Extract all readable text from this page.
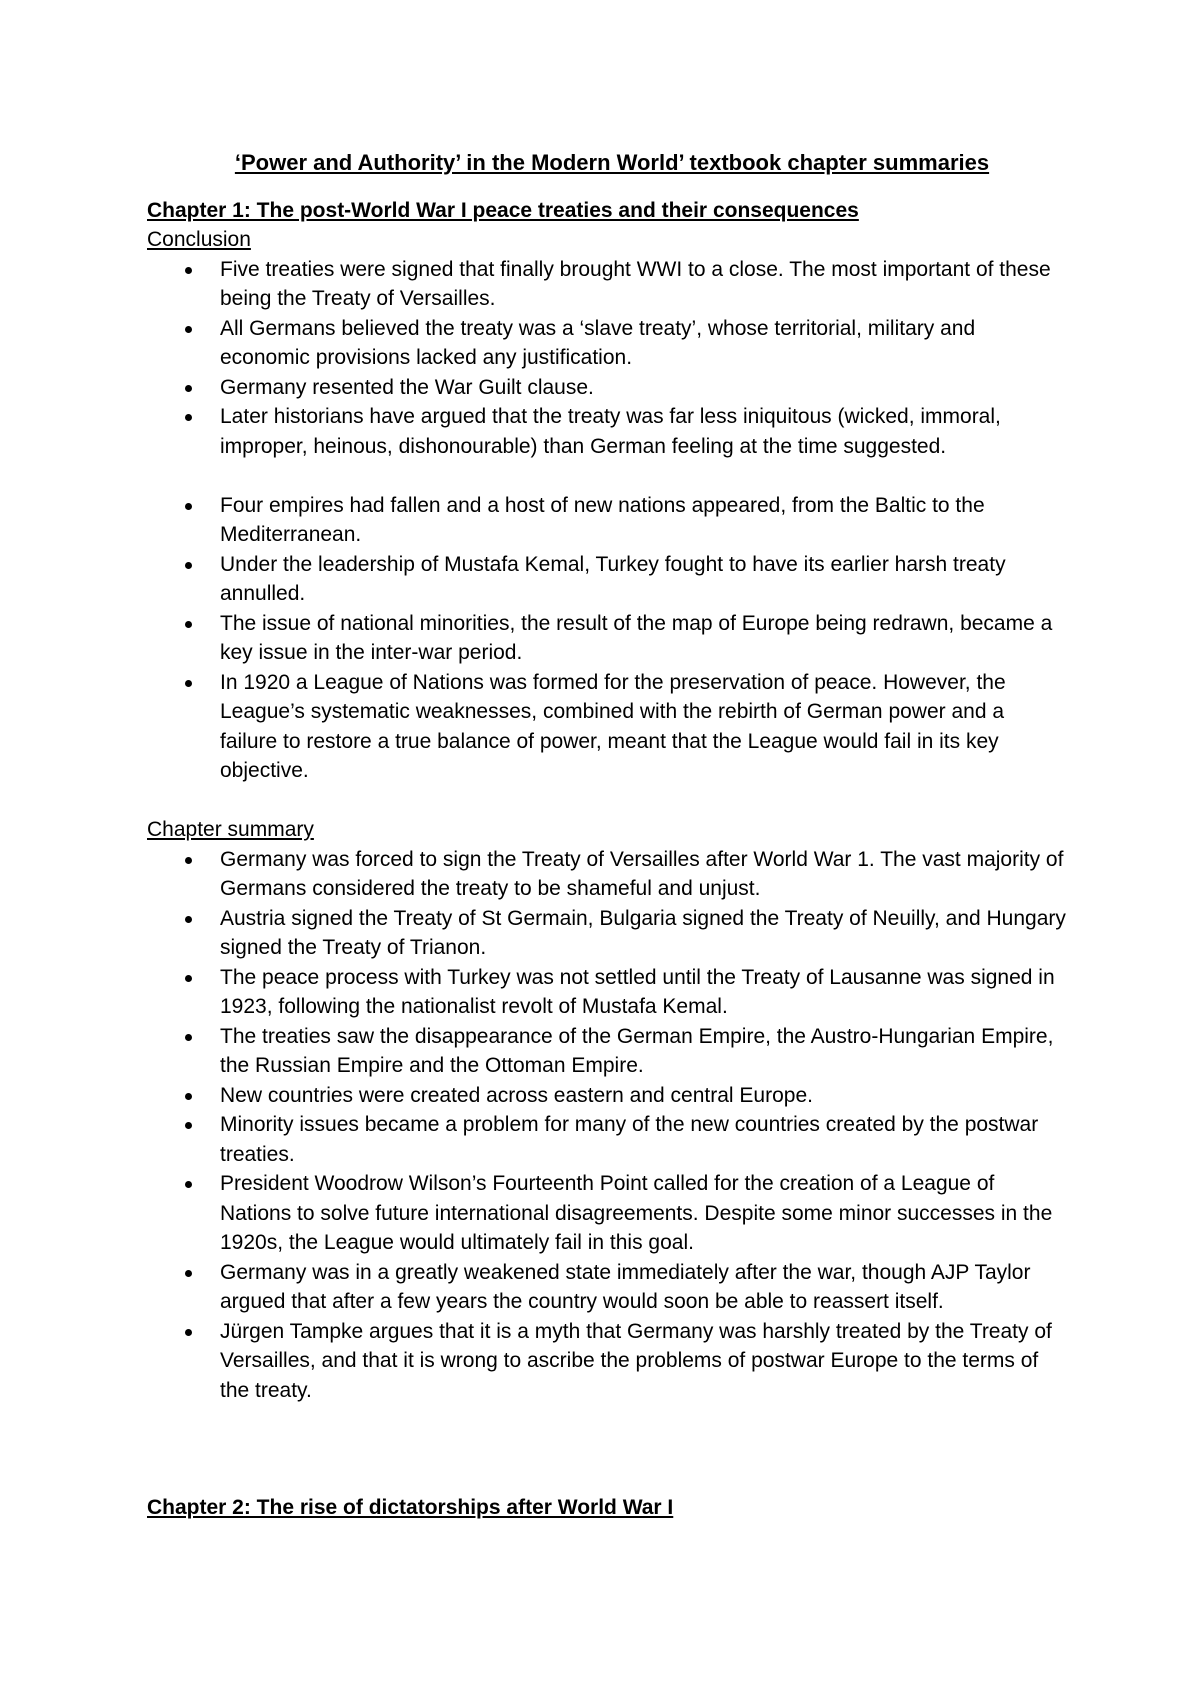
‘Power and Authority’ in the Modern World’ textbook chapter summaries
Chapter 1: The post-World War I peace treaties and their consequences
Conclusion
Five treaties were signed that finally brought WWI to a close. The most important of these being the Treaty of Versailles.
All Germans believed the treaty was a ‘slave treaty’, whose territorial, military and economic provisions lacked any justification.
Germany resented the War Guilt clause.
Later historians have argued that the treaty was far less iniquitous (wicked, immoral, improper, heinous, dishonourable) than German feeling at the time suggested.
Four empires had fallen and a host of new nations appeared, from the Baltic to the Mediterranean.
Under the leadership of Mustafa Kemal, Turkey fought to have its earlier harsh treaty annulled.
The issue of national minorities, the result of the map of Europe being redrawn, became a key issue in the inter-war period.
In 1920 a League of Nations was formed for the preservation of peace. However, the League’s systematic weaknesses, combined with the rebirth of German power and a failure to restore a true balance of power, meant that the League would fail in its key objective.
Chapter summary
Germany was forced to sign the Treaty of Versailles after World War 1. The vast majority of Germans considered the treaty to be shameful and unjust.
Austria signed the Treaty of St Germain, Bulgaria signed the Treaty of Neuilly, and Hungary signed the Treaty of Trianon.
The peace process with Turkey was not settled until the Treaty of Lausanne was signed in 1923, following the nationalist revolt of Mustafa Kemal.
The treaties saw the disappearance of the German Empire, the Austro-Hungarian Empire, the Russian Empire and the Ottoman Empire.
New countries were created across eastern and central Europe.
Minority issues became a problem for many of the new countries created by the postwar treaties.
President Woodrow Wilson’s Fourteenth Point called for the creation of a League of Nations to solve future international disagreements. Despite some minor successes in the 1920s, the League would ultimately fail in this goal.
Germany was in a greatly weakened state immediately after the war, though AJP Taylor argued that after a few years the country would soon be able to reassert itself.
Jürgen Tampke argues that it is a myth that Germany was harshly treated by the Treaty of Versailles, and that it is wrong to ascribe the problems of postwar Europe to the terms of the treaty.
Chapter 2: The rise of dictatorships after World War I
